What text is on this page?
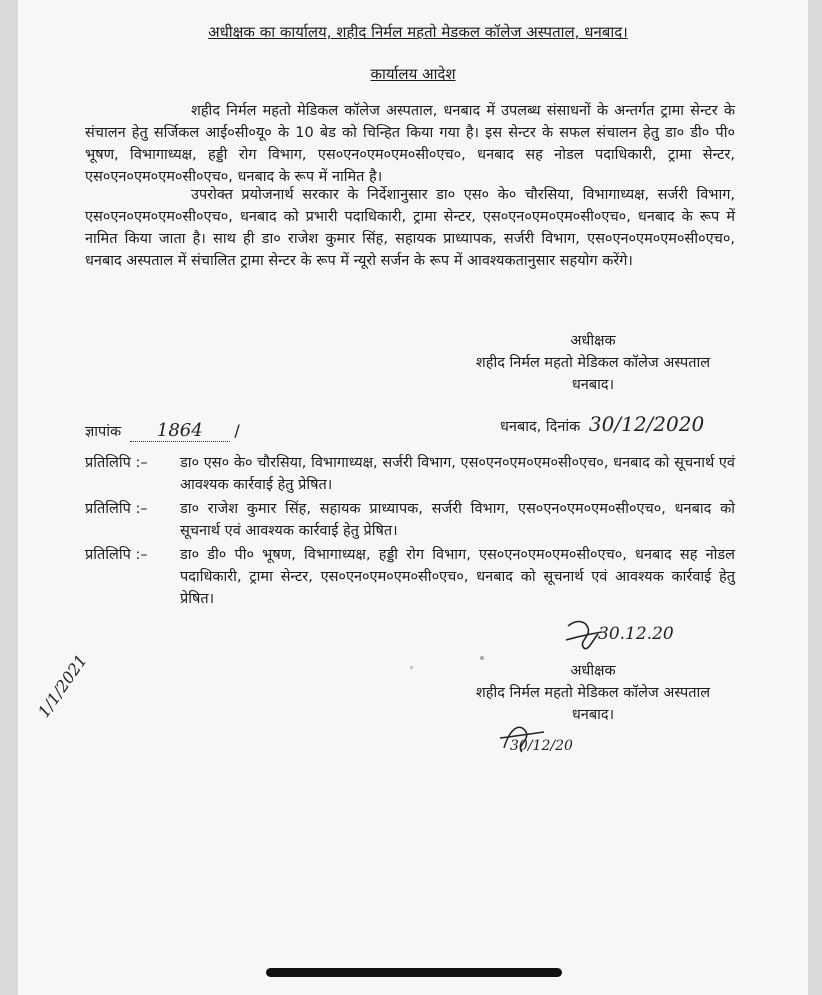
अधीक्षक का कार्यालय, शहीद निर्मल महतो मेडकल कॉलेज अस्पताल, धनबाद।
कार्यालय आदेश
शहीद निर्मल महतो मेडिकल कॉलेज अस्पताल, धनबाद में उपलब्ध संसाधनों के अन्तर्गत ट्रामा सेन्टर के संचालन हेतु सर्जिकल आई०सी०यू० के 10 बेड को चिन्हित किया गया है। इस सेन्टर के सफल संचालन हेतु डा० डी० पी० भूषण, विभागाध्यक्ष, हड्डी रोग विभाग, एस०एन०एम०एम०सी०एच०, धनबाद सह नोडल पदाधिकारी, ट्रामा सेन्टर, एस०एन०एम०एम०सी०एच०, धनबाद के रूप में नामित है।
उपरोक्त प्रयोजनार्थ सरकार के निर्देशानुसार डा० एस० के० चौरसिया, विभागाध्यक्ष, सर्जरी विभाग, एस०एन०एम०एम०सी०एच०, धनबाद को प्रभारी पदाधिकारी, ट्रामा सेन्टर, एस०एन०एम०एम०सी०एच०, धनबाद के रूप में नामित किया जाता है। साथ ही डा० राजेश कुमार सिंह, सहायक प्राध्यापक, सर्जरी विभाग, एस०एन०एम०एम०सी०एच०, धनबाद अस्पताल में संचालित ट्रामा सेन्टर के रूप में न्यूरो सर्जन के रूप में आवश्यकतानुसार सहयोग करेंगे।
अधीक्षक
शहीद निर्मल महतो मेडिकल कॉलेज अस्पताल
धनबाद।
ज्ञापांक 1864 /	धनबाद, दिनांक 30/12/2020
प्रतिलिपि :–	डा० एस० के० चौरसिया, विभागाध्यक्ष, सर्जरी विभाग, एस०एन०एम०एम०सी०एच०, धनबाद को सूचनार्थ एवं आवश्यक कार्रवाई हेतु प्रेषित।
प्रतिलिपि :–	डा० राजेश कुमार सिंह, सहायक प्राध्यापक, सर्जरी विभाग, एस०एन०एम०एम०सी०एच०, धनबाद को सूचनार्थ एवं आवश्यक कार्रवाई हेतु प्रेषित।
प्रतिलिपि :–	डा० डी० पी० भूषण, विभागाध्यक्ष, हड्डी रोग विभाग, एस०एन०एम०एम०सी०एच०, धनबाद सह नोडल पदाधिकारी, ट्रामा सेन्टर, एस०एन०एम०एम०सी०एच०, धनबाद को सूचनार्थ एवं आवश्यक कार्रवाई हेतु प्रेषित।
30.12.20
अधीक्षक
शहीद निर्मल महतो मेडिकल कॉलेज अस्पताल
धनबाद।
30/12/20
1/1/2021
